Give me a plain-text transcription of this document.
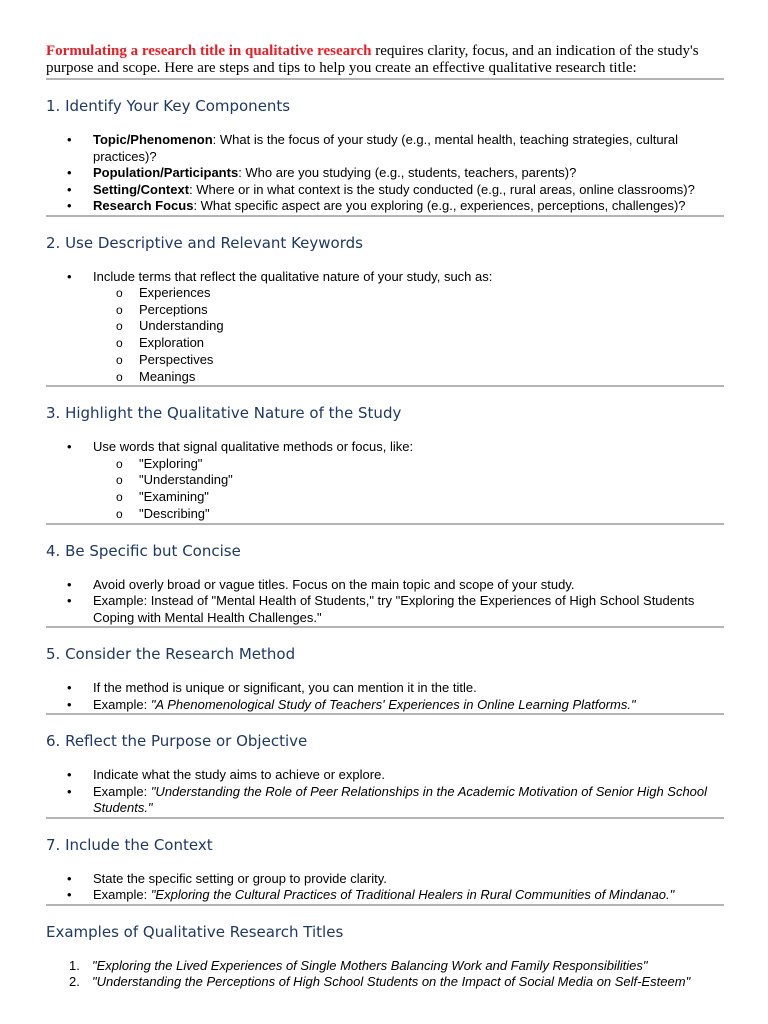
Formulating a research title in qualitative research requires clarity, focus, and an indication of the study's purpose and scope. Here are steps and tips to help you create an effective qualitative research title:

1. Identify Your Key Components
• Topic/Phenomenon: What is the focus of your study (e.g., mental health, teaching strategies, cultural practices)?
• Population/Participants: Who are you studying (e.g., students, teachers, parents)?
• Setting/Context: Where or in what context is the study conducted (e.g., rural areas, online classrooms)?
• Research Focus: What specific aspect are you exploring (e.g., experiences, perceptions, challenges)?
2. Use Descriptive and Relevant Keywords
• Include terms that reflect the qualitative nature of your study, such as:
o Experiences
o Perceptions
o Understanding
o Exploration
o Perspectives
o Meanings
3. Highlight the Qualitative Nature of the Study
• Use words that signal qualitative methods or focus, like:
o "Exploring"
o "Understanding"
o "Examining"
o "Describing"
4. Be Specific but Concise
• Avoid overly broad or vague titles. Focus on the main topic and scope of your study.
• Example: Instead of "Mental Health of Students," try "Exploring the Experiences of High School Students Coping with Mental Health Challenges."
5. Consider the Research Method
• If the method is unique or significant, you can mention it in the title.
• Example: "A Phenomenological Study of Teachers' Experiences in Online Learning Platforms."
6. Reflect the Purpose or Objective
• Indicate what the study aims to achieve or explore.
• Example: "Understanding the Role of Peer Relationships in the Academic Motivation of Senior High School Students."
7. Include the Context
• State the specific setting or group to provide clarity.
• Example: "Exploring the Cultural Practices of Traditional Healers in Rural Communities of Mindanao."
Examples of Qualitative Research Titles
1. "Exploring the Lived Experiences of Single Mothers Balancing Work and Family Responsibilities"
2. "Understanding the Perceptions of High School Students on the Impact of Social Media on Self-Esteem"
